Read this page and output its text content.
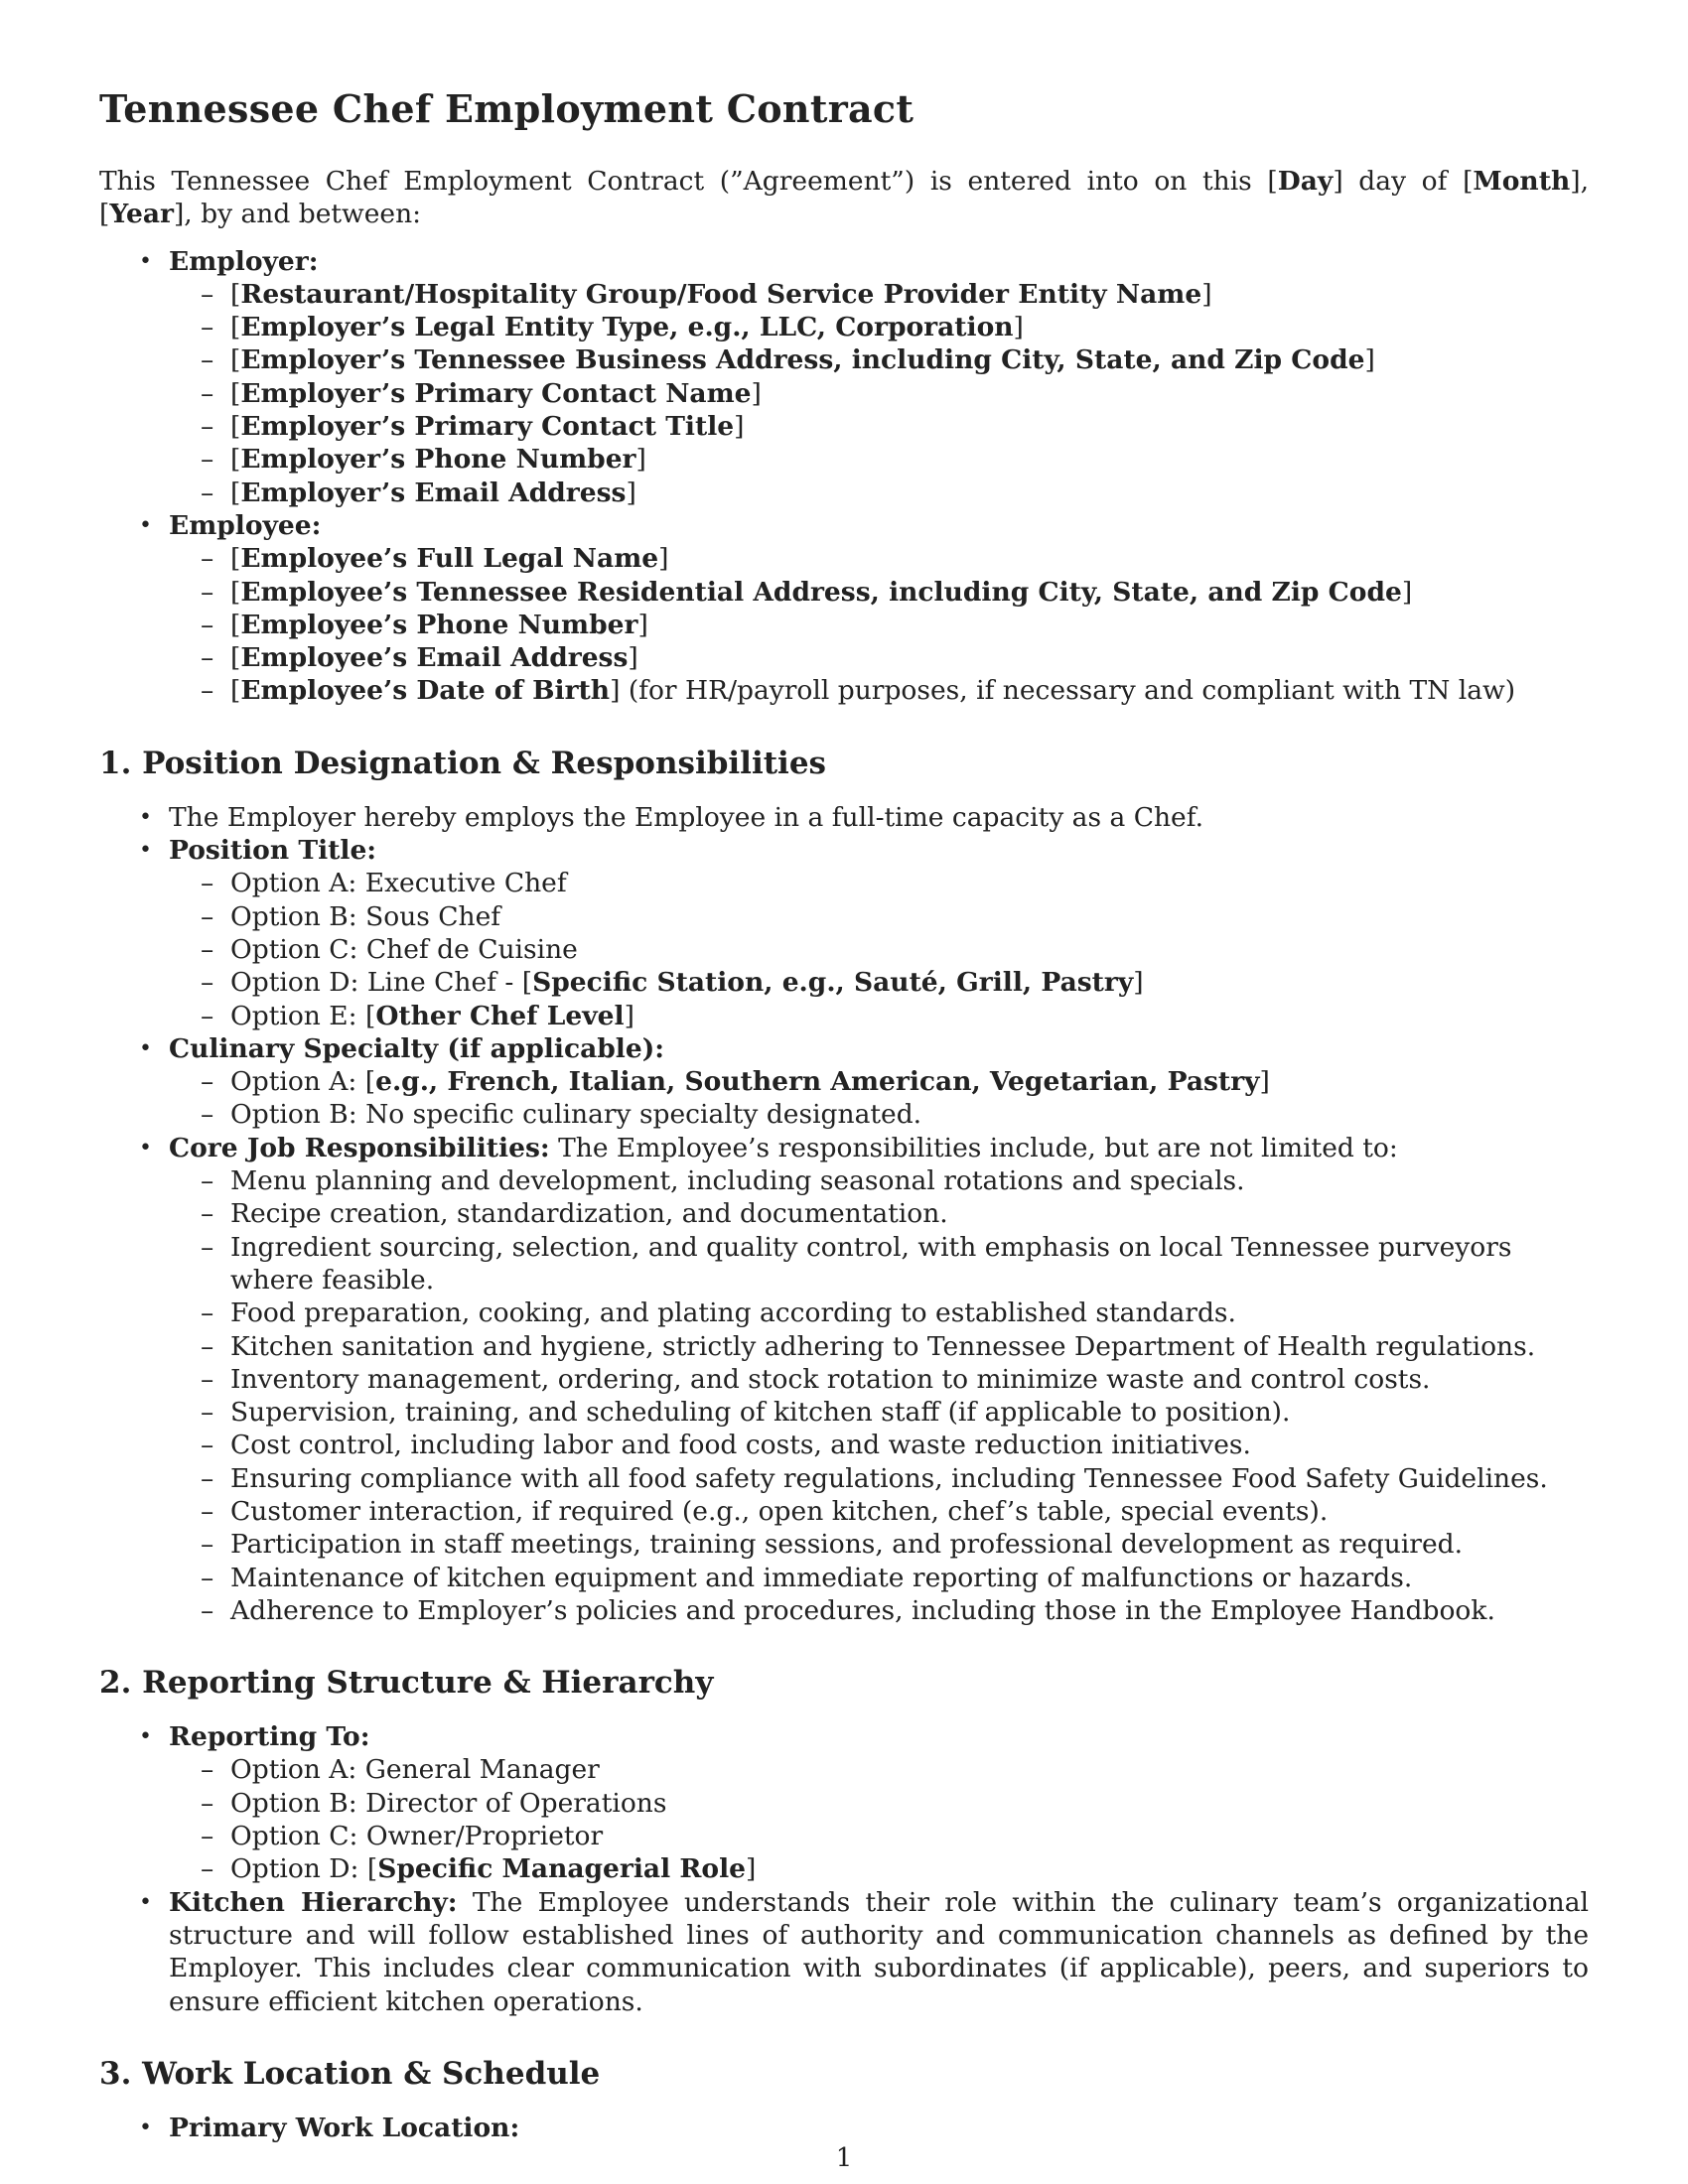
Tennessee Chef Employment Contract

This Tennessee Chef Employment Contract (”Agreement”) is entered into on this [Day] day of [Month], [Year], by and between:

• Employer:
– [Restaurant/Hospitality Group/Food Service Provider Entity Name]
– [Employer’s Legal Entity Type, e.g., LLC, Corporation]
– [Employer’s Tennessee Business Address, including City, State, and Zip Code]
– [Employer’s Primary Contact Name]
– [Employer’s Primary Contact Title]
– [Employer’s Phone Number]
– [Employer’s Email Address]
• Employee:
– [Employee’s Full Legal Name]
– [Employee’s Tennessee Residential Address, including City, State, and Zip Code]
– [Employee’s Phone Number]
– [Employee’s Email Address]
– [Employee’s Date of Birth] (for HR/payroll purposes, if necessary and compliant with TN law)
1. Position Designation & Responsibilities
• The Employer hereby employs the Employee in a full-time capacity as a Chef.
• Position Title:
– Option A: Executive Chef
– Option B: Sous Chef
– Option C: Chef de Cuisine
– Option D: Line Chef - [Specific Station, e.g., Sauté, Grill, Pastry]
– Option E: [Other Chef Level]
• Culinary Specialty (if applicable):
– Option A: [e.g., French, Italian, Southern American, Vegetarian, Pastry]
– Option B: No specific culinary specialty designated.
• Core Job Responsibilities: The Employee’s responsibilities include, but are not limited to:
– Menu planning and development, including seasonal rotations and specials.
– Recipe creation, standardization, and documentation.
– Ingredient sourcing, selection, and quality control, with emphasis on local Tennessee purveyors where feasible.
– Food preparation, cooking, and plating according to established standards.
– Kitchen sanitation and hygiene, strictly adhering to Tennessee Department of Health regulations.
– Inventory management, ordering, and stock rotation to minimize waste and control costs.
– Supervision, training, and scheduling of kitchen staff (if applicable to position).
– Cost control, including labor and food costs, and waste reduction initiatives.
– Ensuring compliance with all food safety regulations, including Tennessee Food Safety Guidelines.
– Customer interaction, if required (e.g., open kitchen, chef’s table, special events).
– Participation in staff meetings, training sessions, and professional development as required.
– Maintenance of kitchen equipment and immediate reporting of malfunctions or hazards.
– Adherence to Employer’s policies and procedures, including those in the Employee Handbook.
2. Reporting Structure & Hierarchy
• Reporting To:
– Option A: General Manager
– Option B: Director of Operations
– Option C: Owner/Proprietor
– Option D: [Specific Managerial Role]
• Kitchen Hierarchy: The Employee understands their role within the culinary team’s organizational structure and will follow established lines of authority and communication channels as defined by the Employer. This includes clear communication with subordinates (if applicable), peers, and superiors to ensure efficient kitchen operations.
3. Work Location & Schedule
• Primary Work Location:
1
